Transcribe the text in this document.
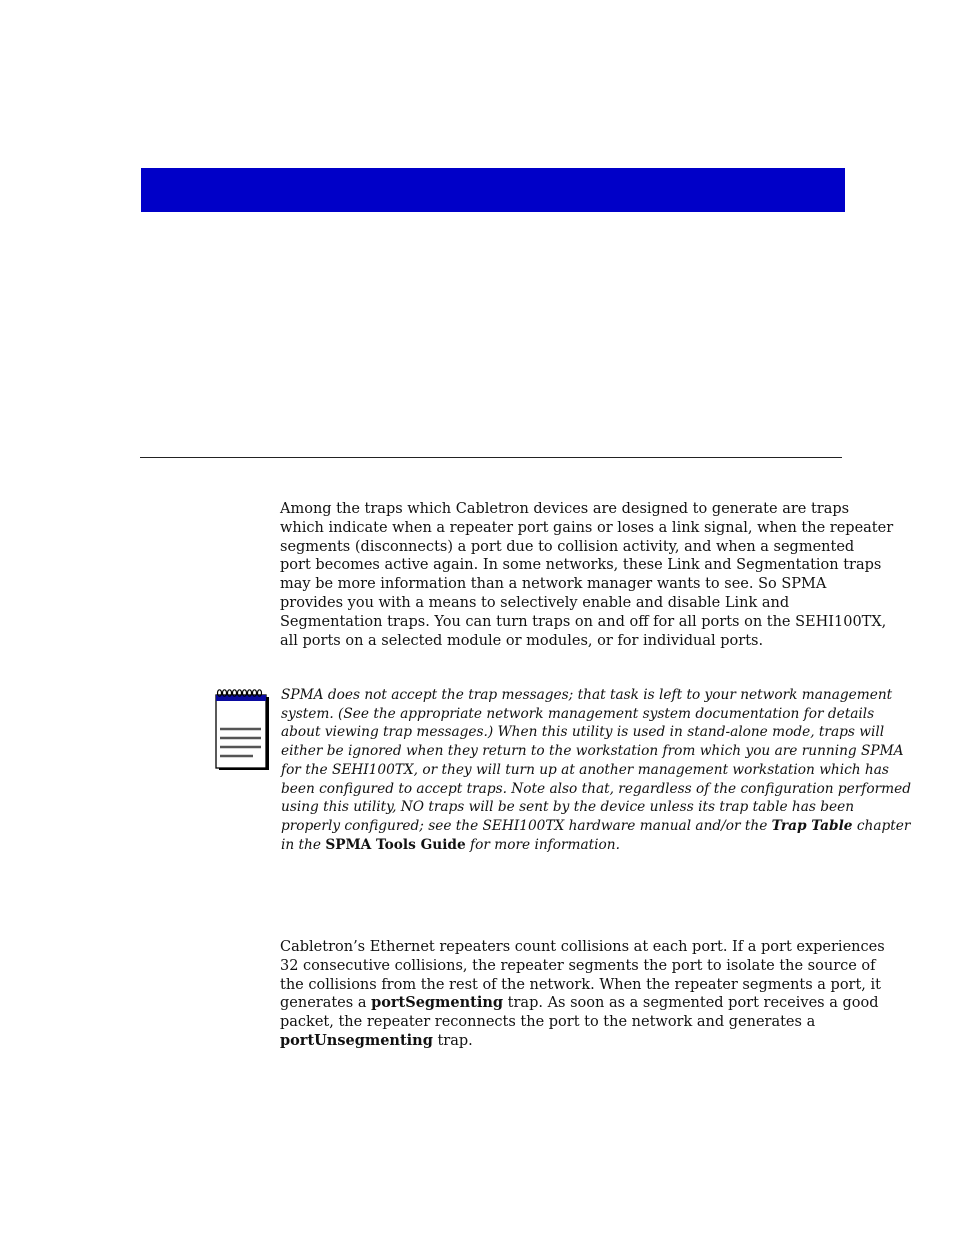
Among the traps which Cabletron devices are designed to generate are traps
which indicate when a repeater port gains or loses a link signal, when the repeater
segments (disconnects) a port due to collision activity, and when a segmented
port becomes active again. In some networks, these Link and Segmentation traps
may be more information than a network manager wants to see. So SPMA
provides you with a means to selectively enable and disable Link and
Segmentation traps. You can turn traps on and off for all ports on the SEHI100TX,
all ports on a selected module or modules, or for individual ports.

SPMA does not accept the trap messages; that task is left to your network management
system. (See the appropriate network management system documentation for details
about viewing trap messages.) When this utility is used in stand-alone mode, traps will
either be ignored when they return to the workstation from which you are running SPMA
for the SEHI100TX, or they will turn up at another management workstation which has
been configured to accept traps. Note also that, regardless of the configuration performed
using this utility, NO traps will be sent by the device unless its trap table has been
properly configured; see the SEHI100TX hardware manual and/or the Trap Table chapter
in the SPMA Tools Guide for more information.

Cabletron’s Ethernet repeaters count collisions at each port. If a port experiences
32 consecutive collisions, the repeater segments the port to isolate the source of
the collisions from the rest of the network. When the repeater segments a port, it
generates a portSegmenting trap. As soon as a segmented port receives a good
packet, the repeater reconnects the port to the network and generates a
portUnsegmenting trap.
